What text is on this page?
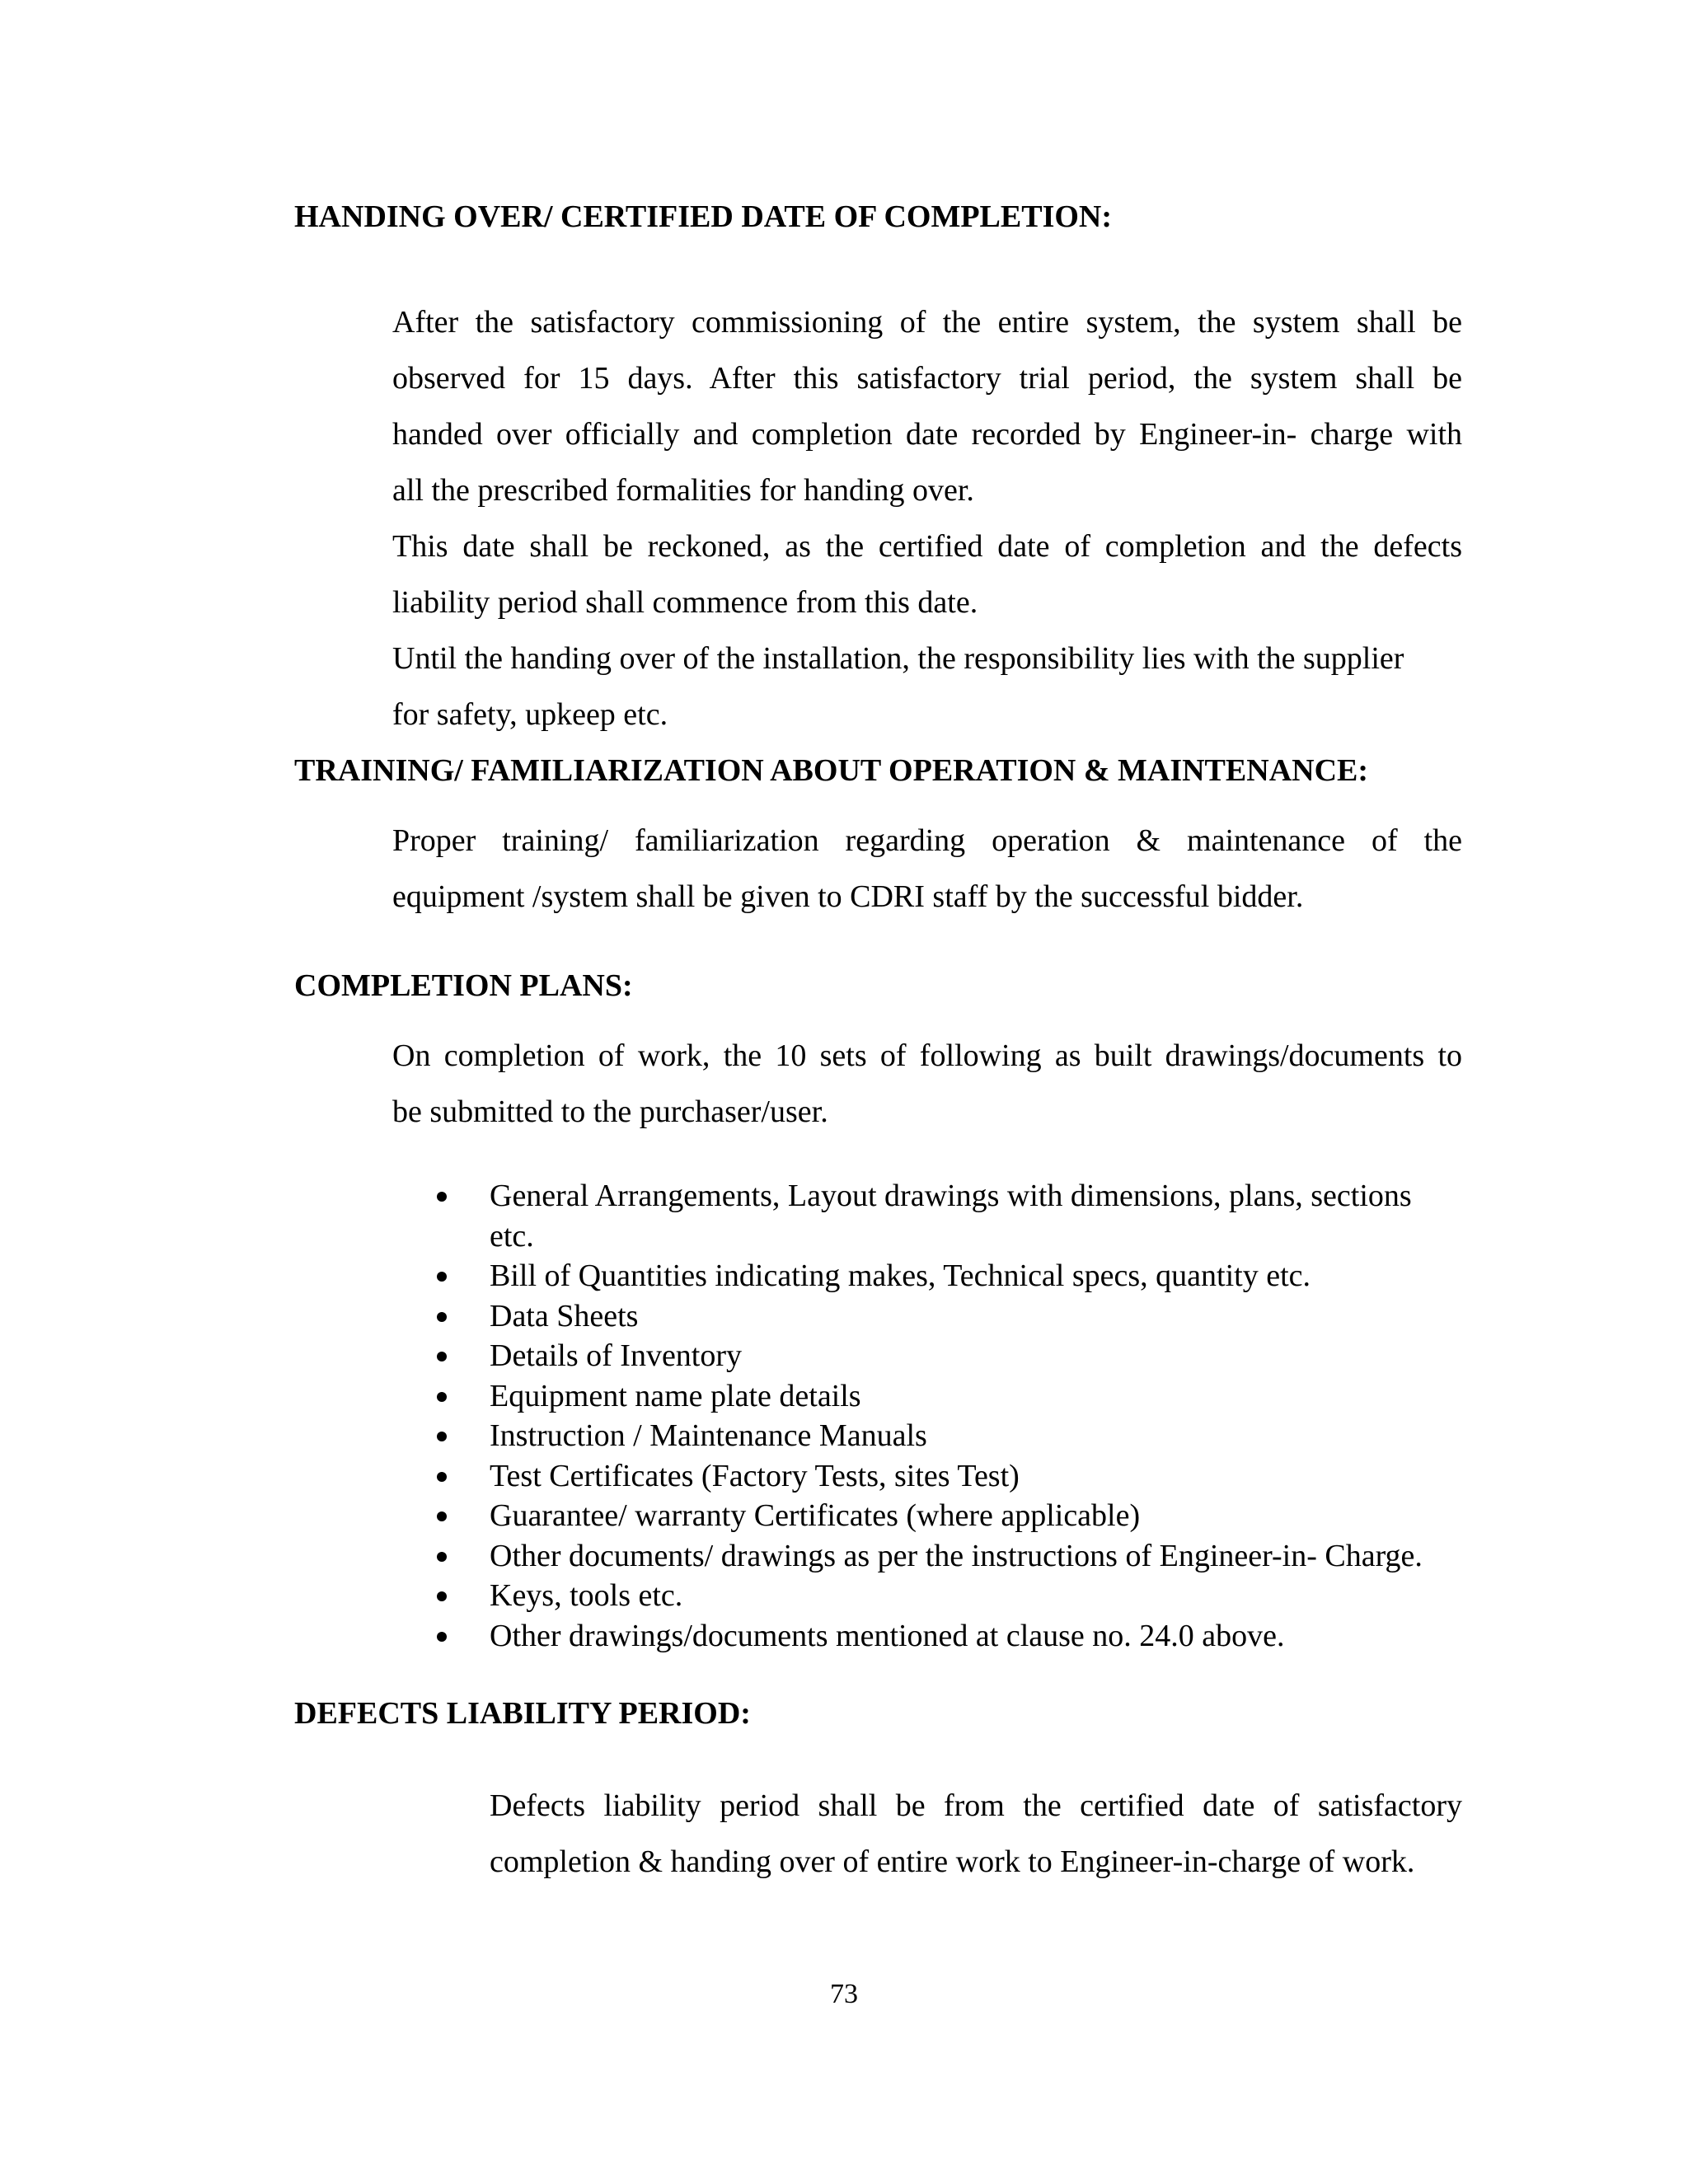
HANDING OVER/ CERTIFIED DATE OF COMPLETION:
After the satisfactory commissioning of the entire system, the system shall be
observed for 15 days. After this satisfactory trial period, the system shall be
handed over officially and completion date recorded by Engineer-in- charge with
all the prescribed formalities for handing over.
This date shall be reckoned, as the certified date of completion and the defects
liability period shall commence from this date.
Until the handing over of the installation, the responsibility lies with the supplier
for safety, upkeep etc.
TRAINING/ FAMILIARIZATION ABOUT OPERATION & MAINTENANCE:
Proper training/ familiarization regarding operation & maintenance of the
equipment /system shall be given to CDRI staff by the successful bidder.
COMPLETION PLANS:
On completion of work, the 10 sets of following as built drawings/documents to
be submitted to the purchaser/user.
General Arrangements, Layout drawings with dimensions, plans, sections etc.
Bill of Quantities indicating makes, Technical specs, quantity etc.
Data Sheets
Details of Inventory
Equipment name plate details
Instruction / Maintenance Manuals
Test Certificates (Factory Tests, sites Test)
Guarantee/ warranty Certificates (where applicable)
Other documents/ drawings as per the instructions of Engineer-in- Charge.
Keys, tools etc.
Other drawings/documents mentioned at clause no. 24.0 above.
DEFECTS LIABILITY PERIOD:
Defects liability period shall be from the certified date of satisfactory
completion & handing over of entire work to Engineer-in-charge of work.
73
